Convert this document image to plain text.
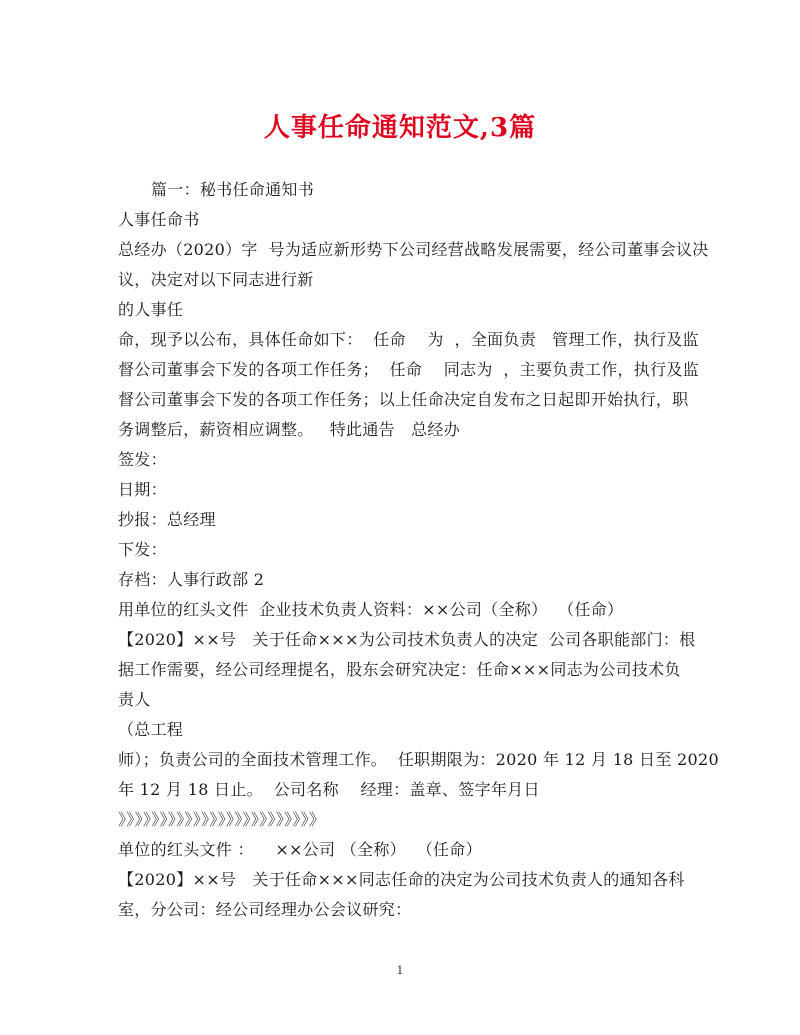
人事任命通知范文,3篇
篇一：秘书任命通知书
人事任命书
总经办（2020）字  号为适应新形势下公司经营战略发展需要，经公司董事会议决
议，决定对以下同志进行新
的人事任
命，现予以公布，具体任命如下：  任命    为  ，全面负责   管理工作，执行及监
督公司董事会下发的各项工作任务；  任命    同志为  ，主要负责工作，执行及监
督公司董事会下发的各项工作任务；以上任命决定自发布之日起即开始执行，职
务调整后，薪资相应调整。   特此通告   总经办
签发：
日期：
抄报：总经理
下发：
存档：人事行政部 2
用单位的红头文件  企业技术负责人资料：××公司（全称）  （任命）
【2020】××号   关于任命×××为公司技术负责人的决定  公司各职能部门：根
据工作需要，经公司经理提名，股东会研究决定：任命×××同志为公司技术负
责人
（总工程
师）；负责公司的全面技术管理工作。  任职期限为：2020 年 12 月 18 日至 2020
年 12 月 18 日止。  公司名称    经理：盖章、签字年月日
》》》》》》》》》》》》》》》》》》》》》》》》
单位的红头文件 ：    ××公司 （全称）  （任命）
【2020】××号   关于任命×××同志任命的决定为公司技术负责人的通知各科
室，分公司：经公司经理办公会议研究：
1
